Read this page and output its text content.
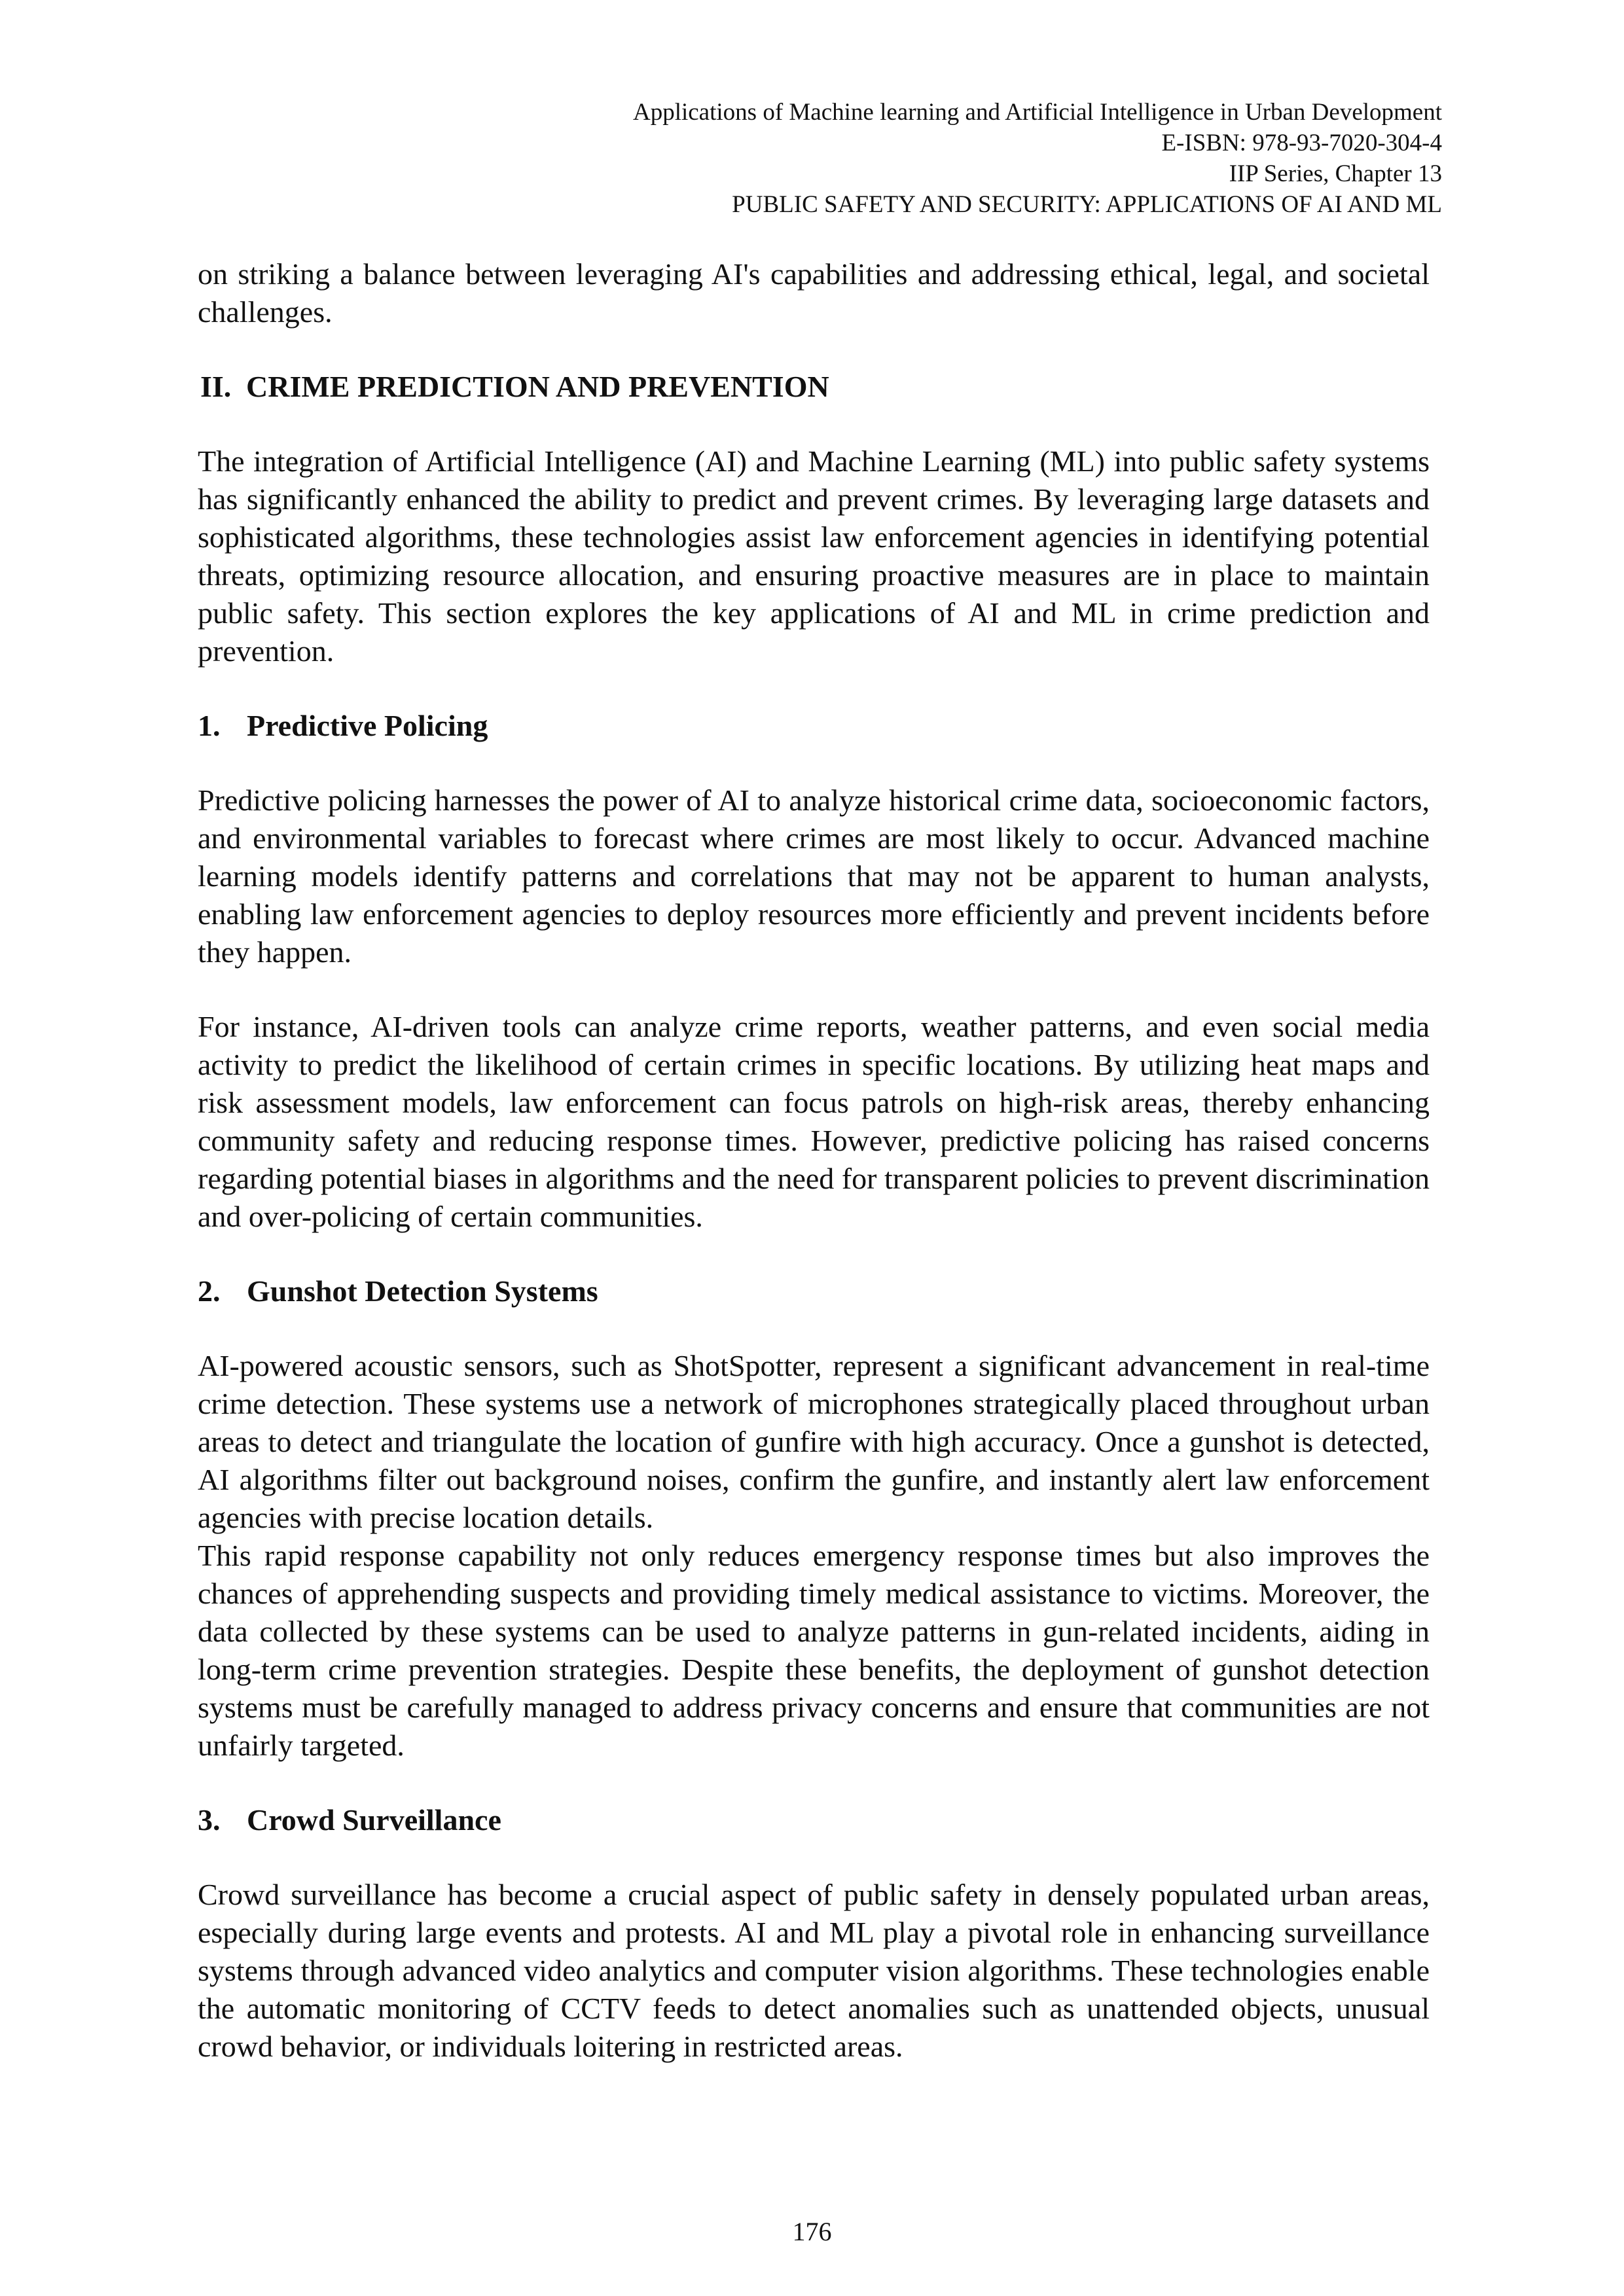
Applications of Machine learning and Artificial Intelligence in Urban Development
E-ISBN: 978-93-7020-304-4
IIP Series, Chapter 13
PUBLIC SAFETY AND SECURITY: APPLICATIONS OF AI AND ML

on striking a balance between leveraging AI's capabilities and addressing ethical, legal, and societal challenges.

II. CRIME PREDICTION AND PREVENTION

The integration of Artificial Intelligence (AI) and Machine Learning (ML) into public safety systems has significantly enhanced the ability to predict and prevent crimes. By leveraging large datasets and sophisticated algorithms, these technologies assist law enforcement agencies in identifying potential threats, optimizing resource allocation, and ensuring proactive measures are in place to maintain public safety. This section explores the key applications of AI and ML in crime prediction and prevention.

1. Predictive Policing

Predictive policing harnesses the power of AI to analyze historical crime data, socioeconomic factors, and environmental variables to forecast where crimes are most likely to occur. Advanced machine learning models identify patterns and correlations that may not be apparent to human analysts, enabling law enforcement agencies to deploy resources more efficiently and prevent incidents before they happen.

For instance, AI-driven tools can analyze crime reports, weather patterns, and even social media activity to predict the likelihood of certain crimes in specific locations. By utilizing heat maps and risk assessment models, law enforcement can focus patrols on high-risk areas, thereby enhancing community safety and reducing response times. However, predictive policing has raised concerns regarding potential biases in algorithms and the need for transparent policies to prevent discrimination and over-policing of certain communities.

2. Gunshot Detection Systems

AI-powered acoustic sensors, such as ShotSpotter, represent a significant advancement in real-time crime detection. These systems use a network of microphones strategically placed throughout urban areas to detect and triangulate the location of gunfire with high accuracy. Once a gunshot is detected, AI algorithms filter out background noises, confirm the gunfire, and instantly alert law enforcement agencies with precise location details.

This rapid response capability not only reduces emergency response times but also improves the chances of apprehending suspects and providing timely medical assistance to victims. Moreover, the data collected by these systems can be used to analyze patterns in gun-related incidents, aiding in long-term crime prevention strategies. Despite these benefits, the deployment of gunshot detection systems must be carefully managed to address privacy concerns and ensure that communities are not unfairly targeted.

3. Crowd Surveillance

Crowd surveillance has become a crucial aspect of public safety in densely populated urban areas, especially during large events and protests. AI and ML play a pivotal role in enhancing surveillance systems through advanced video analytics and computer vision algorithms. These technologies enable the automatic monitoring of CCTV feeds to detect anomalies such as unattended objects, unusual crowd behavior, or individuals loitering in restricted areas.

176
